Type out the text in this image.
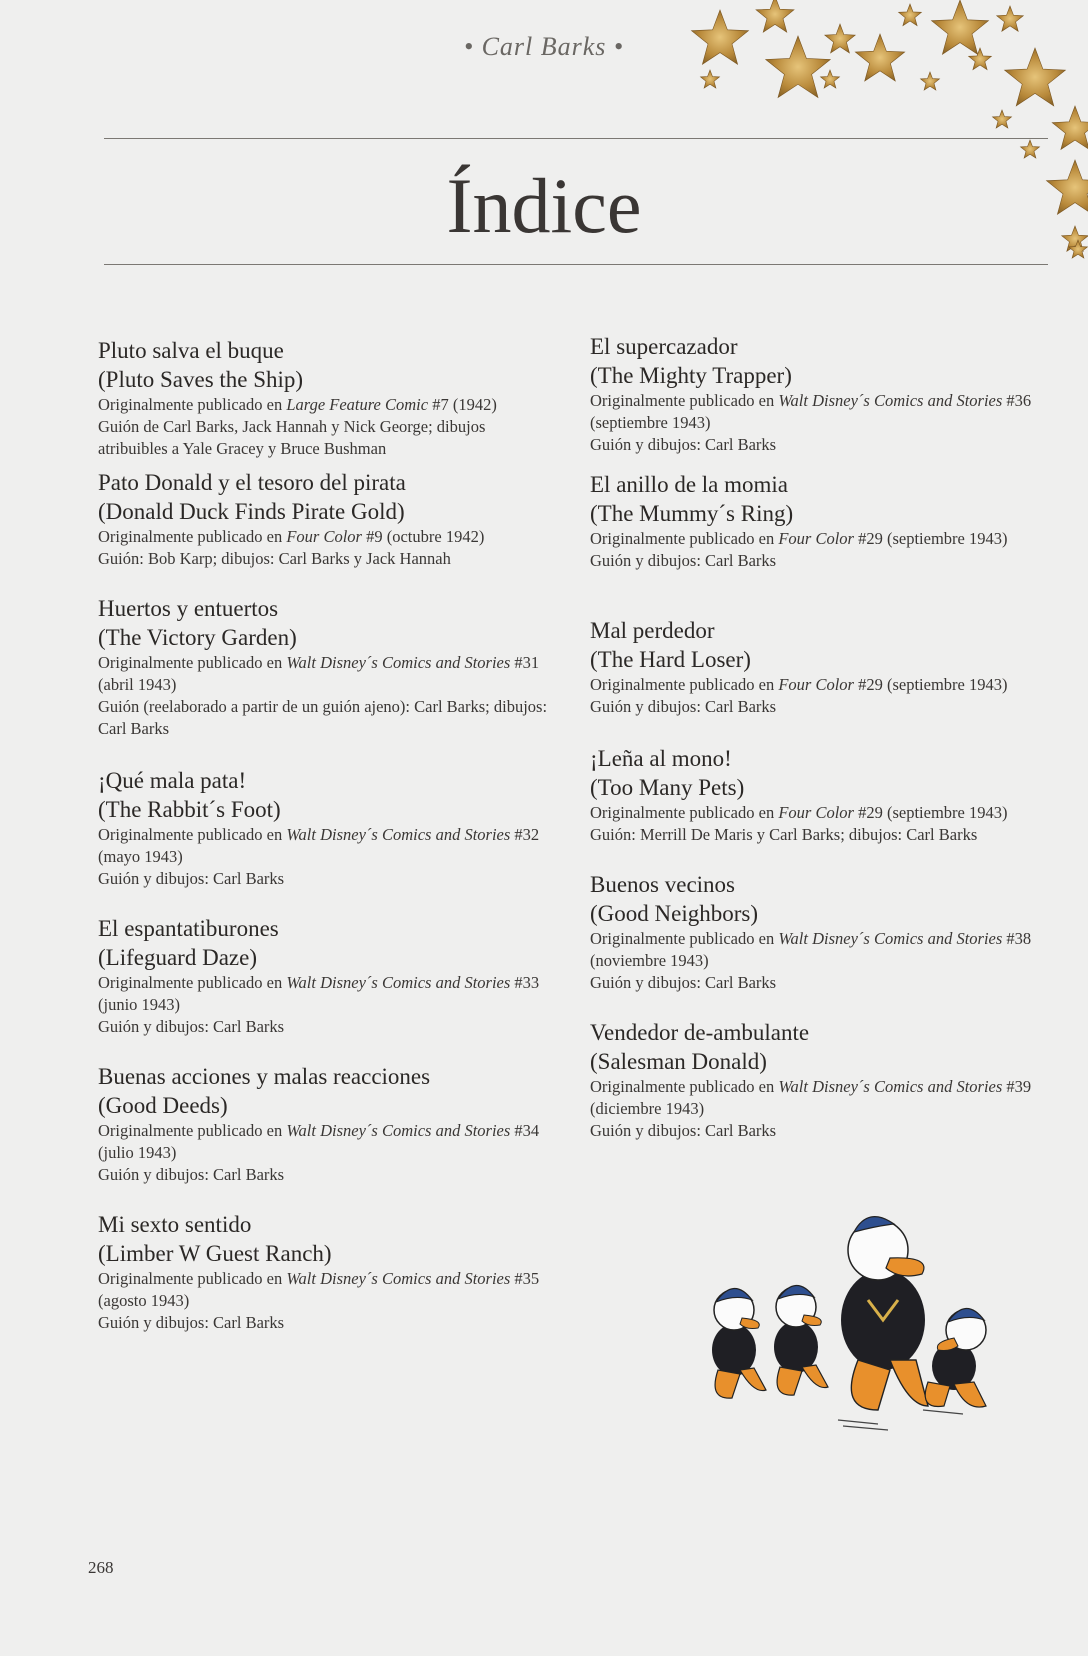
• Carl Barks •
Índice
Pluto salva el buque
(Pluto Saves the Ship)
Originalmente publicado en Large Feature Comic #7 (1942)
Guión de Carl Barks, Jack Hannah y Nick George; dibujos atribuibles a Yale Gracey y Bruce Bushman
Pato Donald y el tesoro del pirata
(Donald Duck Finds Pirate Gold)
Originalmente publicado en Four Color #9 (octubre 1942)
Guión: Bob Karp; dibujos: Carl Barks y Jack Hannah
Huertos y entuertos
(The Victory Garden)
Originalmente publicado en Walt Disney´s Comics and Stories #31 (abril 1943)
Guión (reelaborado a partir de un guión ajeno): Carl Barks; dibujos: Carl Barks
¡Qué mala pata!
(The Rabbit´s Foot)
Originalmente publicado en Walt Disney´s Comics and Stories #32 (mayo 1943)
Guión y dibujos: Carl Barks
El espantatiburones
(Lifeguard Daze)
Originalmente publicado en Walt Disney´s Comics and Stories #33 (junio 1943)
Guión y dibujos: Carl Barks
Buenas acciones y malas reacciones
(Good Deeds)
Originalmente publicado en Walt Disney´s Comics and Stories #34 (julio 1943)
Guión y dibujos: Carl Barks
Mi sexto sentido
(Limber W Guest Ranch)
Originalmente publicado en Walt Disney´s Comics and Stories #35 (agosto 1943)
Guión y dibujos: Carl Barks
El supercazador
(The Mighty Trapper)
Originalmente publicado en Walt Disney´s Comics and Stories #36 (septiembre 1943)
Guión y dibujos: Carl Barks
El anillo de la momia
(The Mummy´s Ring)
Originalmente publicado en Four Color #29 (septiembre 1943)
Guión y dibujos: Carl Barks
Mal perdedor
(The Hard Loser)
Originalmente publicado en Four Color #29 (septiembre 1943)
Guión y dibujos: Carl Barks
¡Leña al mono!
(Too Many Pets)
Originalmente publicado en Four Color #29 (septiembre 1943)
Guión: Merrill De Maris y Carl Barks; dibujos: Carl Barks
Buenos vecinos
(Good Neighbors)
Originalmente publicado en Walt Disney´s Comics and Stories #38 (noviembre 1943)
Guión y dibujos: Carl Barks
Vendedor de-ambulante
(Salesman Donald)
Originalmente publicado en Walt Disney´s Comics and Stories #39 (diciembre 1943)
Guión y dibujos: Carl Barks
268
